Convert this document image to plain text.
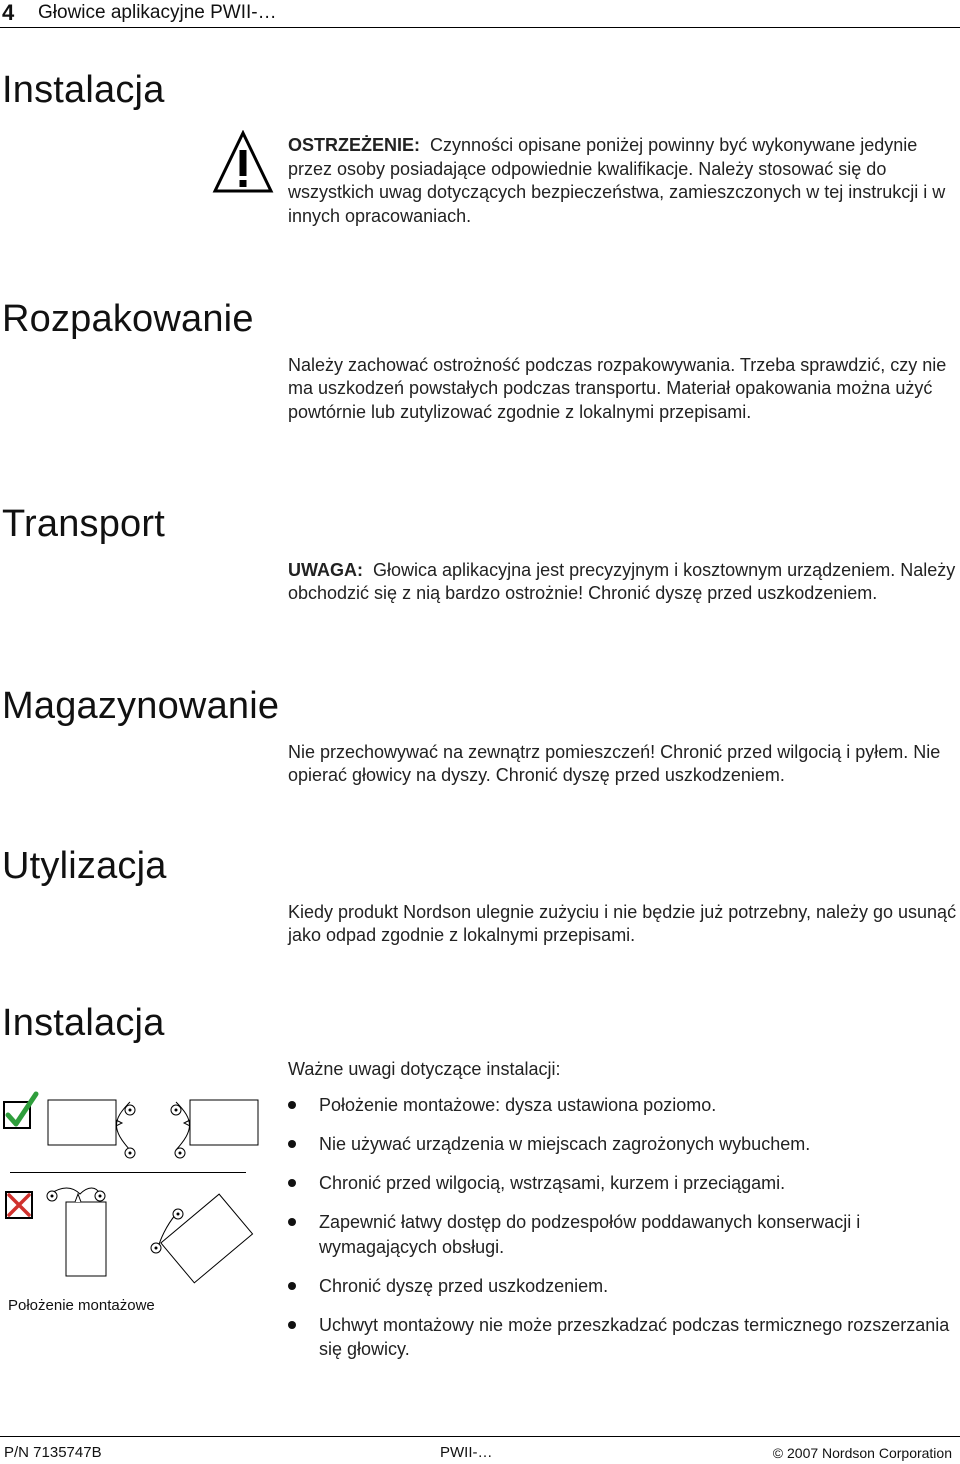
4 Głowice aplikacyjne PWII-…
Instalacja
OSTRZEŻENIE: Czynności opisane poniżej powinny być wykonywane jedynie przez osoby posiadające odpowiednie kwalifikacje. Należy stosować się do wszystkich uwag dotyczących bezpieczeństwa, zamieszczonych w tej instrukcji i w innych opracowaniach.
Rozpakowanie
Należy zachować ostrożność podczas rozpakowywania. Trzeba sprawdzić, czy nie ma uszkodzeń powstałych podczas transportu. Materiał opakowania można użyć powtórnie lub zutylizować zgodnie z lokalnymi przepisami.
Transport
UWAGA: Głowica aplikacyjna jest precyzyjnym i kosztownym urządzeniem. Należy obchodzić się z nią bardzo ostrożnie! Chronić dyszę przed uszkodzeniem.
Magazynowanie
Nie przechowywać na zewnątrz pomieszczeń! Chronić przed wilgocią i pyłem. Nie opierać głowicy na dyszy. Chronić dyszę przed uszkodzeniem.
Utylizacja
Kiedy produkt Nordson ulegnie zużyciu i nie będzie już potrzebny, należy go usunąć jako odpad zgodnie z lokalnymi przepisami.
Instalacja
Ważne uwagi dotyczące instalacji:
Położenie montażowe: dysza ustawiona poziomo.
Nie używać urządzenia w miejscach zagrożonych wybuchem.
Chronić przed wilgocią, wstrząsami, kurzem i przeciągami.
Zapewnić łatwy dostęp do podzespołów poddawanych konserwacji i wymagających obsługi.
Chronić dyszę przed uszkodzeniem.
Uchwyt montażowy nie może przeszkadzać podczas termicznego rozszerzania się głowicy.
Położenie montażowe
P/N 7135747B	PWII-…	© 2007 Nordson Corporation
